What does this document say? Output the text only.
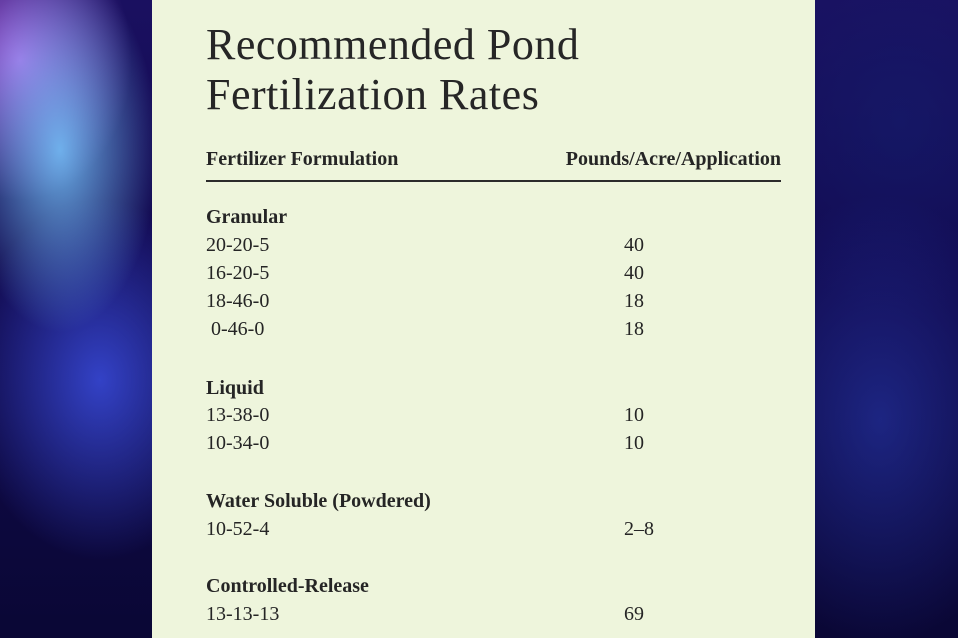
Recommended Pond
Fertilization Rates
Fertilizer Formulation	Pounds/Acre/Application
Granular
20-20-5	40
16-20-5	40
18-46-0	18
0-46-0	18
Liquid
13-38-0	10
10-34-0	10
Water Soluble (Powdered)
10-52-4	2–8
Controlled-Release
13-13-13	69
